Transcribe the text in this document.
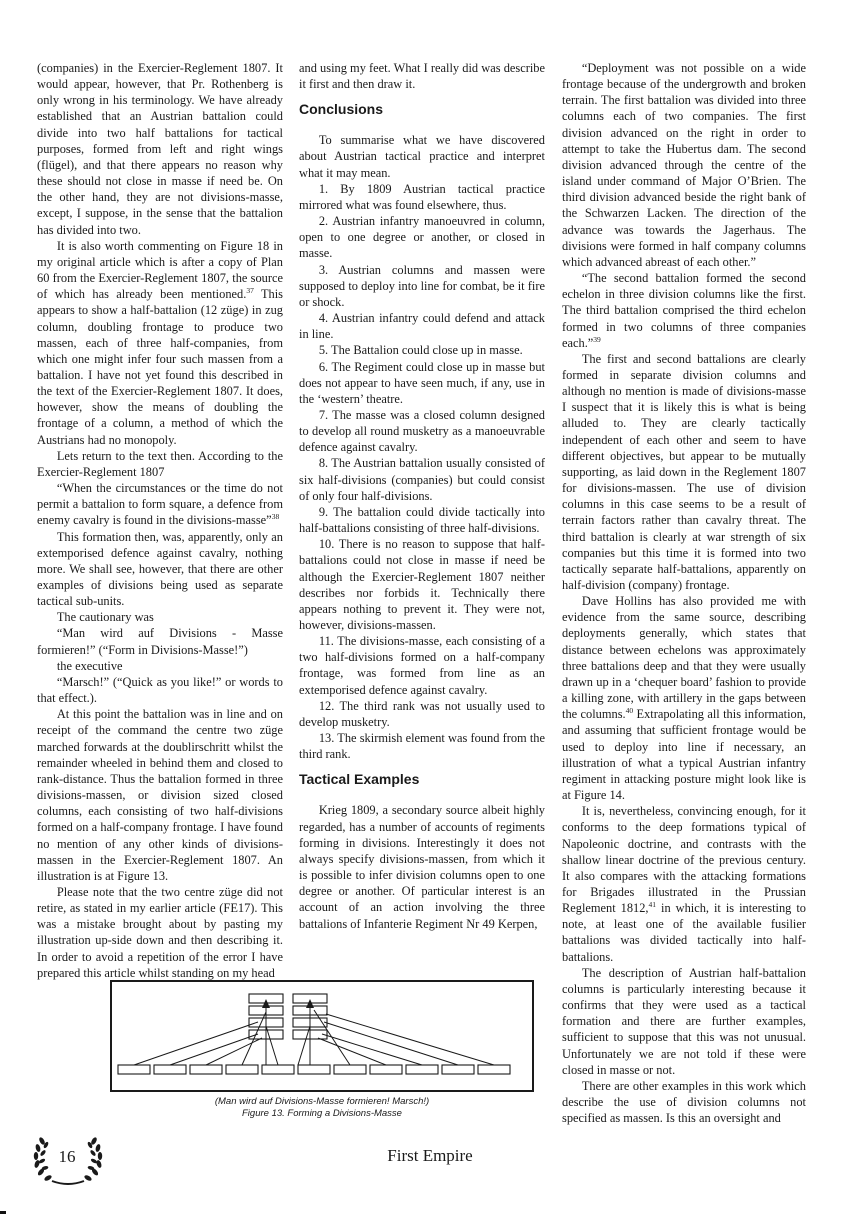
(companies) in the Exercier-Reglement 1807. It would appear, however, that Pr. Rothenberg is only wrong in his terminology. We have already established that an Austrian battalion could divide into two half battalions for tactical purposes, formed from left and right wings (flügel), and that there appears no reason why these should not close in masse if need be. On the other hand, they are not divisions-masse, except, I suppose, in the sense that the battalion has divided into two.

It is also worth commenting on Figure 18 in my original article which is after a copy of Plan 60 from the Exercier-Reglement 1807, the source of which has already been mentioned.$^{37}$ This appears to show a half-battalion (12 züge) in zug column, doubling frontage to produce two massen, each of three half-companies, from which one might infer four such massen from a battalion. I have not yet found this described in the text of the Exercier-Reglement 1807. It does, however, show the means of doubling the frontage of a column, a method of which the Austrians had no monopoly.

Lets return to the text then. According to the Exercier-Reglement 1807

“When the circumstances or the time do not permit a battalion to form square, a defence from enemy cavalry is found in the divisions-masse”$^{38}$

This formation then, was, apparently, only an extemporised defence against cavalry, nothing more. We shall see, however, that there are other examples of divisions being used as separate tactical sub-units.

The cautionary was

“Man wird auf Divisions - Masse formieren!” (“Form in Divisions-Masse!”)

the executive

“Marsch!” (“Quick as you like!” or words to that effect.).

At this point the battalion was in line and on receipt of the command the centre two züge marched forwards at the doublirschritt whilst the remainder wheeled in behind them and closed to rank-distance. Thus the battalion formed in three divisions-massen, or division sized closed columns, each consisting of two half-divisions formed on a half-company frontage. I have found no mention of any other kinds of divisions-massen in the Exercier-Reglement 1807. An illustration is at Figure 13.

Please note that the two centre züge did not retire, as stated in my earlier article (FE17). This was a mistake brought about by pasting my illustration up-side down and then describing it. In order to avoid a repetition of the error I have prepared this article whilst standing on my head

and using my feet. What I really did was describe it first and then draw it.

Conclusions

To summarise what we have discovered about Austrian tactical practice and interpret what it may mean.

1. By 1809 Austrian tactical practice mirrored what was found elsewhere, thus.

2. Austrian infantry manoeuvred in column, open to one degree or another, or closed in masse.

3. Austrian columns and massen were supposed to deploy into line for combat, be it fire or shock.

4. Austrian infantry could defend and attack in line.

5. The Battalion could close up in masse.

6. The Regiment could close up in masse but does not appear to have seen much, if any, use in the ‘western’ theatre.

7. The masse was a closed column designed to develop all round musketry as a manoeuvrable defence against cavalry.

8. The Austrian battalion usually consisted of six half-divisions (companies) but could consist of only four half-divisions.

9. The battalion could divide tactically into half-battalions consisting of three half-divisions.

10. There is no reason to suppose that half-battalions could not close in masse if need be although the Exercier-Reglement 1807 neither describes nor forbids it. Technically there appears nothing to prevent it. They were not, however, divisions-massen.

11. The divisions-masse, each consisting of a two half-divisions formed on a half-company frontage, was formed from line as an extemporised defence against cavalry.

12. The third rank was not usually used to develop musketry.

13. The skirmish element was found from the third rank.

Tactical Examples

Krieg 1809, a secondary source albeit highly regarded, has a number of accounts of regiments forming in divisions. Interestingly it does not always specify divisions-massen, from which it is possible to infer division columns open to one degree or another. Of particular interest is an account of an action involving the three battalions of Infanterie Regiment Nr 49 Kerpen,

“Deployment was not possible on a wide frontage because of the undergrowth and broken terrain. The first battalion was divided into three columns each of two companies. The first division advanced on the right in order to attempt to take the Hubertus dam. The second division advanced through the centre of the island under command of Major O’Brien. The third division advanced beside the right bank of the Schwarzen Lacken. The direction of the advance was towards the Jagerhaus. The divisions were formed in half company columns which advanced abreast of each other.”

“The second battalion formed the second echelon in three division columns like the first. The third battalion comprised the third echelon formed in two columns of three companies each.”$^{39}$

The first and second battalions are clearly formed in separate division columns and although no mention is made of divisions-masse I suspect that it is likely this is what is being alluded to. They are clearly tactically independent of each other and seem to have different objectives, but appear to be mutually supporting, as laid down in the Reglement 1807 for divisions-massen. The use of division columns in this case seems to be a result of terrain factors rather than cavalry threat. The third battalion is clearly at war strength of six companies but this time it is formed into two tactically separate half-battalions, apparently on half-division (company) frontage.

Dave Hollins has also provided me with evidence from the same source, describing deployments generally, which states that distance between echelons was approximately three battalions deep and that they were usually drawn up in a ‘chequer board’ fashion to provide a killing zone, with artillery in the gaps between the columns.$^{40}$ Extrapolating all this information, and assuming that sufficient frontage would be used to deploy into line if necessary, an illustration of what a typical Austrian infantry regiment in attacking posture might look like is at Figure 14.

It is, nevertheless, convincing enough, for it conforms to the deep formations typical of Napoleonic doctrine, and contrasts with the shallow linear doctrine of the previous century. It also compares with the attacking formations for Brigades illustrated in the Prussian Reglement 1812,41 in which, it is interesting to note, at least one of the available fusilier battalions was divided tactically into half-battalions.

The description of Austrian half-battalion columns is particularly interesting because it confirms that they were used as a tactical formation and there are further examples, sufficient to suppose that this was not unusual. Unfortunately we are not told if these were closed in masse or not.

There are other examples in this work which describe the use of division columns not specified as massen. Is this an oversight and

(Man wird auf Divisions-Masse formieren! Marsch!)
Figure 13. Forming a Divisions-Masse
16	First Empire
